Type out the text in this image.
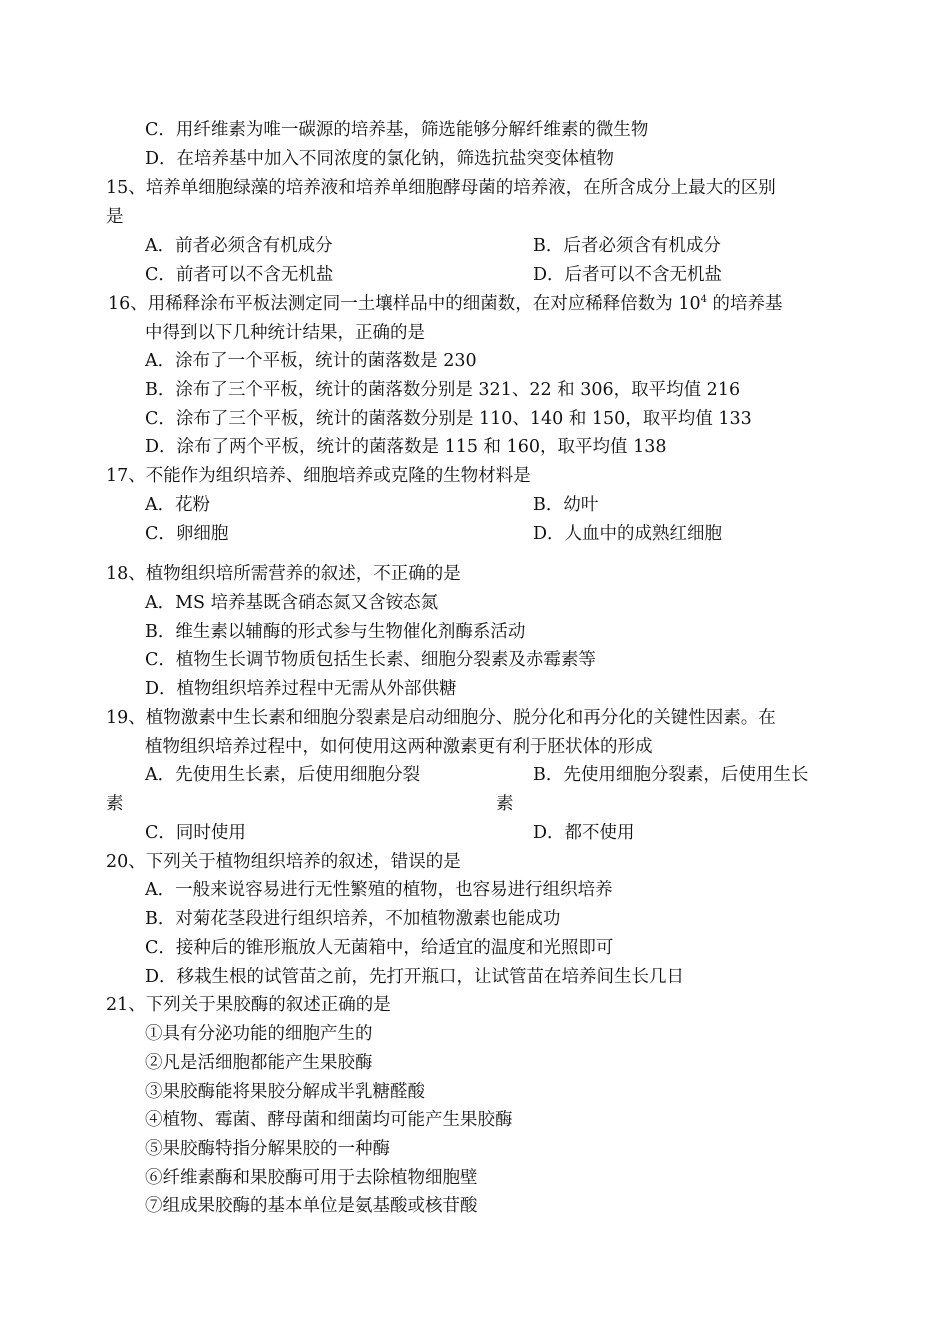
C．用纤维素为唯一碳源的培养基，筛选能够分解纤维素的微生物
D．在培养基中加入不同浓度的氯化钠，筛选抗盐突变体植物
15、培养单细胞绿藻的培养液和培养单细胞酵母菌的培养液，在所含成分上最大的区别
是
A．前者必须含有机成分	B．后者必须含有机成分
C．前者可以不含无机盐	D．后者可以不含无机盐
16、用稀释涂布平板法测定同一土壤样品中的细菌数，在对应稀释倍数为 $10^4$ 的培养基
中得到以下几种统计结果，正确的是
A．涂布了一个平板，统计的菌落数是 230
B．涂布了三个平板，统计的菌落数分别是 321、22 和 306，取平均值 216
C．涂布了三个平板，统计的菌落数分别是 110、140 和 150，取平均值 133
D．涂布了两个平板，统计的菌落数是 115 和 160，取平均值 138
17、不能作为组织培养、细胞培养或克隆的生物材料是
A．花粉	B．幼叶
C．卵细胞	D．人血中的成熟红细胞
18、植物组织培所需营养的叙述，不正确的是
A．MS 培养基既含硝态氮又含铵态氮
B．维生素以辅酶的形式参与生物催化剂酶系活动
C．植物生长调节物质包括生长素、细胞分裂素及赤霉素等
D．植物组织培养过程中无需从外部供糖
19、植物激素中生长素和细胞分裂素是启动细胞分、脱分化和再分化的关键性因素。在
植物组织培养过程中，如何使用这两种激素更有利于胚状体的形成
A．先使用生长素，后使用细胞分裂	B．先使用细胞分裂素，后使用生长
素	素
C．同时使用	D．都不使用
20、下列关于植物组织培养的叙述，错误的是
A．一般来说容易进行无性繁殖的植物，也容易进行组织培养
B．对菊花茎段进行组织培养，不加植物激素也能成功
C．接种后的锥形瓶放人无菌箱中，给适宜的温度和光照即可
D．移栽生根的试管苗之前，先打开瓶口，让试管苗在培养间生长几日
21、下列关于果胶酶的叙述正确的是
①具有分泌功能的细胞产生的
②凡是活细胞都能产生果胶酶
③果胶酶能将果胶分解成半乳糖醛酸
④植物、霉菌、酵母菌和细菌均可能产生果胶酶
⑤果胶酶特指分解果胶的一种酶
⑥纤维素酶和果胶酶可用于去除植物细胞壁
⑦组成果胶酶的基本单位是氨基酸或核苷酸
